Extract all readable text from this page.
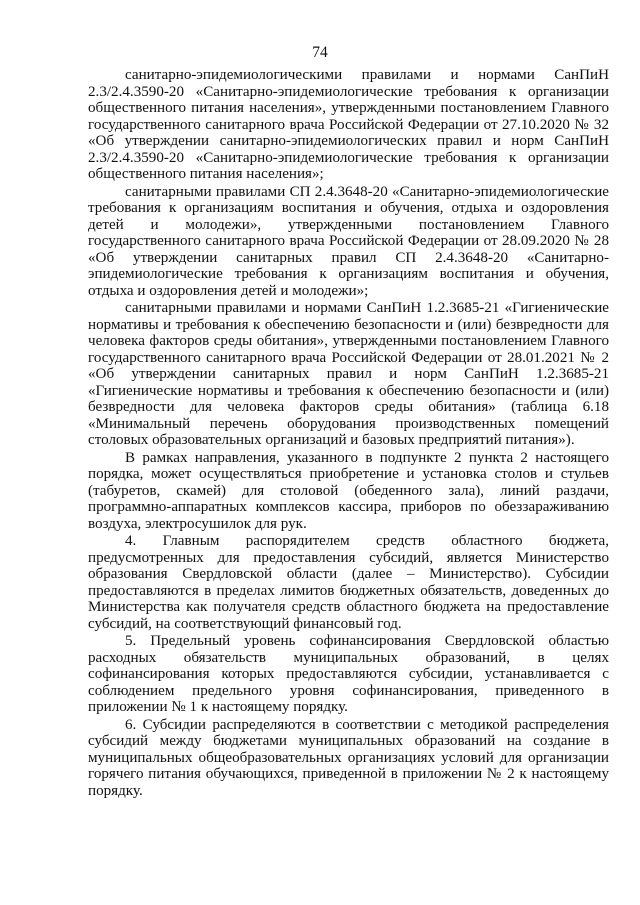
74

санитарно-эпидемиологическими правилами и нормами СанПиН 2.3/2.4.3590-20 «Санитарно-эпидемиологические требования к организации общественного питания населения», утвержденными постановлением Главного государственного санитарного врача Российской Федерации от 27.10.2020 № 32 «Об утверждении санитарно-эпидемиологических правил и норм СанПиН 2.3/2.4.3590-20 «Санитарно-эпидемиологические требования к организации общественного питания населения»;

санитарными правилами СП 2.4.3648-20 «Санитарно-эпидемиологические требования к организациям воспитания и обучения, отдыха и оздоровления детей и молодежи», утвержденными постановлением Главного государственного санитарного врача Российской Федерации от 28.09.2020 № 28 «Об утверждении санитарных правил СП 2.4.3648-20 «Санитарно-эпидемиологические требования к организациям воспитания и обучения, отдыха и оздоровления детей и молодежи»;

санитарными правилами и нормами СанПиН 1.2.3685-21 «Гигиенические нормативы и требования к обеспечению безопасности и (или) безвредности для человека факторов среды обитания», утвержденными постановлением Главного государственного санитарного врача Российской Федерации от 28.01.2021 № 2 «Об утверждении санитарных правил и норм СанПиН 1.2.3685-21 «Гигиенические нормативы и требования к обеспечению безопасности и (или) безвредности для человека факторов среды обитания» (таблица 6.18 «Минимальный перечень оборудования производственных помещений столовых образовательных организаций и базовых предприятий питания»).

В рамках направления, указанного в подпункте 2 пункта 2 настоящего порядка, может осуществляться приобретение и установка столов и стульев (табуретов, скамей) для столовой (обеденного зала), линий раздачи, программно-аппаратных комплексов кассира, приборов по обеззараживанию воздуха, электросушилок для рук.

4. Главным распорядителем средств областного бюджета, предусмотренных для предоставления субсидий, является Министерство образования Свердловской области (далее – Министерство). Субсидии предоставляются в пределах лимитов бюджетных обязательств, доведенных до Министерства как получателя средств областного бюджета на предоставление субсидий, на соответствующий финансовый год.

5. Предельный уровень софинансирования Свердловской областью расходных обязательств муниципальных образований, в целях софинансирования которых предоставляются субсидии, устанавливается с соблюдением предельного уровня софинансирования, приведенного в приложении № 1 к настоящему порядку.

6. Субсидии распределяются в соответствии с методикой распределения субсидий между бюджетами муниципальных образований на создание в муниципальных общеобразовательных организациях условий для организации горячего питания обучающихся, приведенной в приложении № 2 к настоящему порядку.
